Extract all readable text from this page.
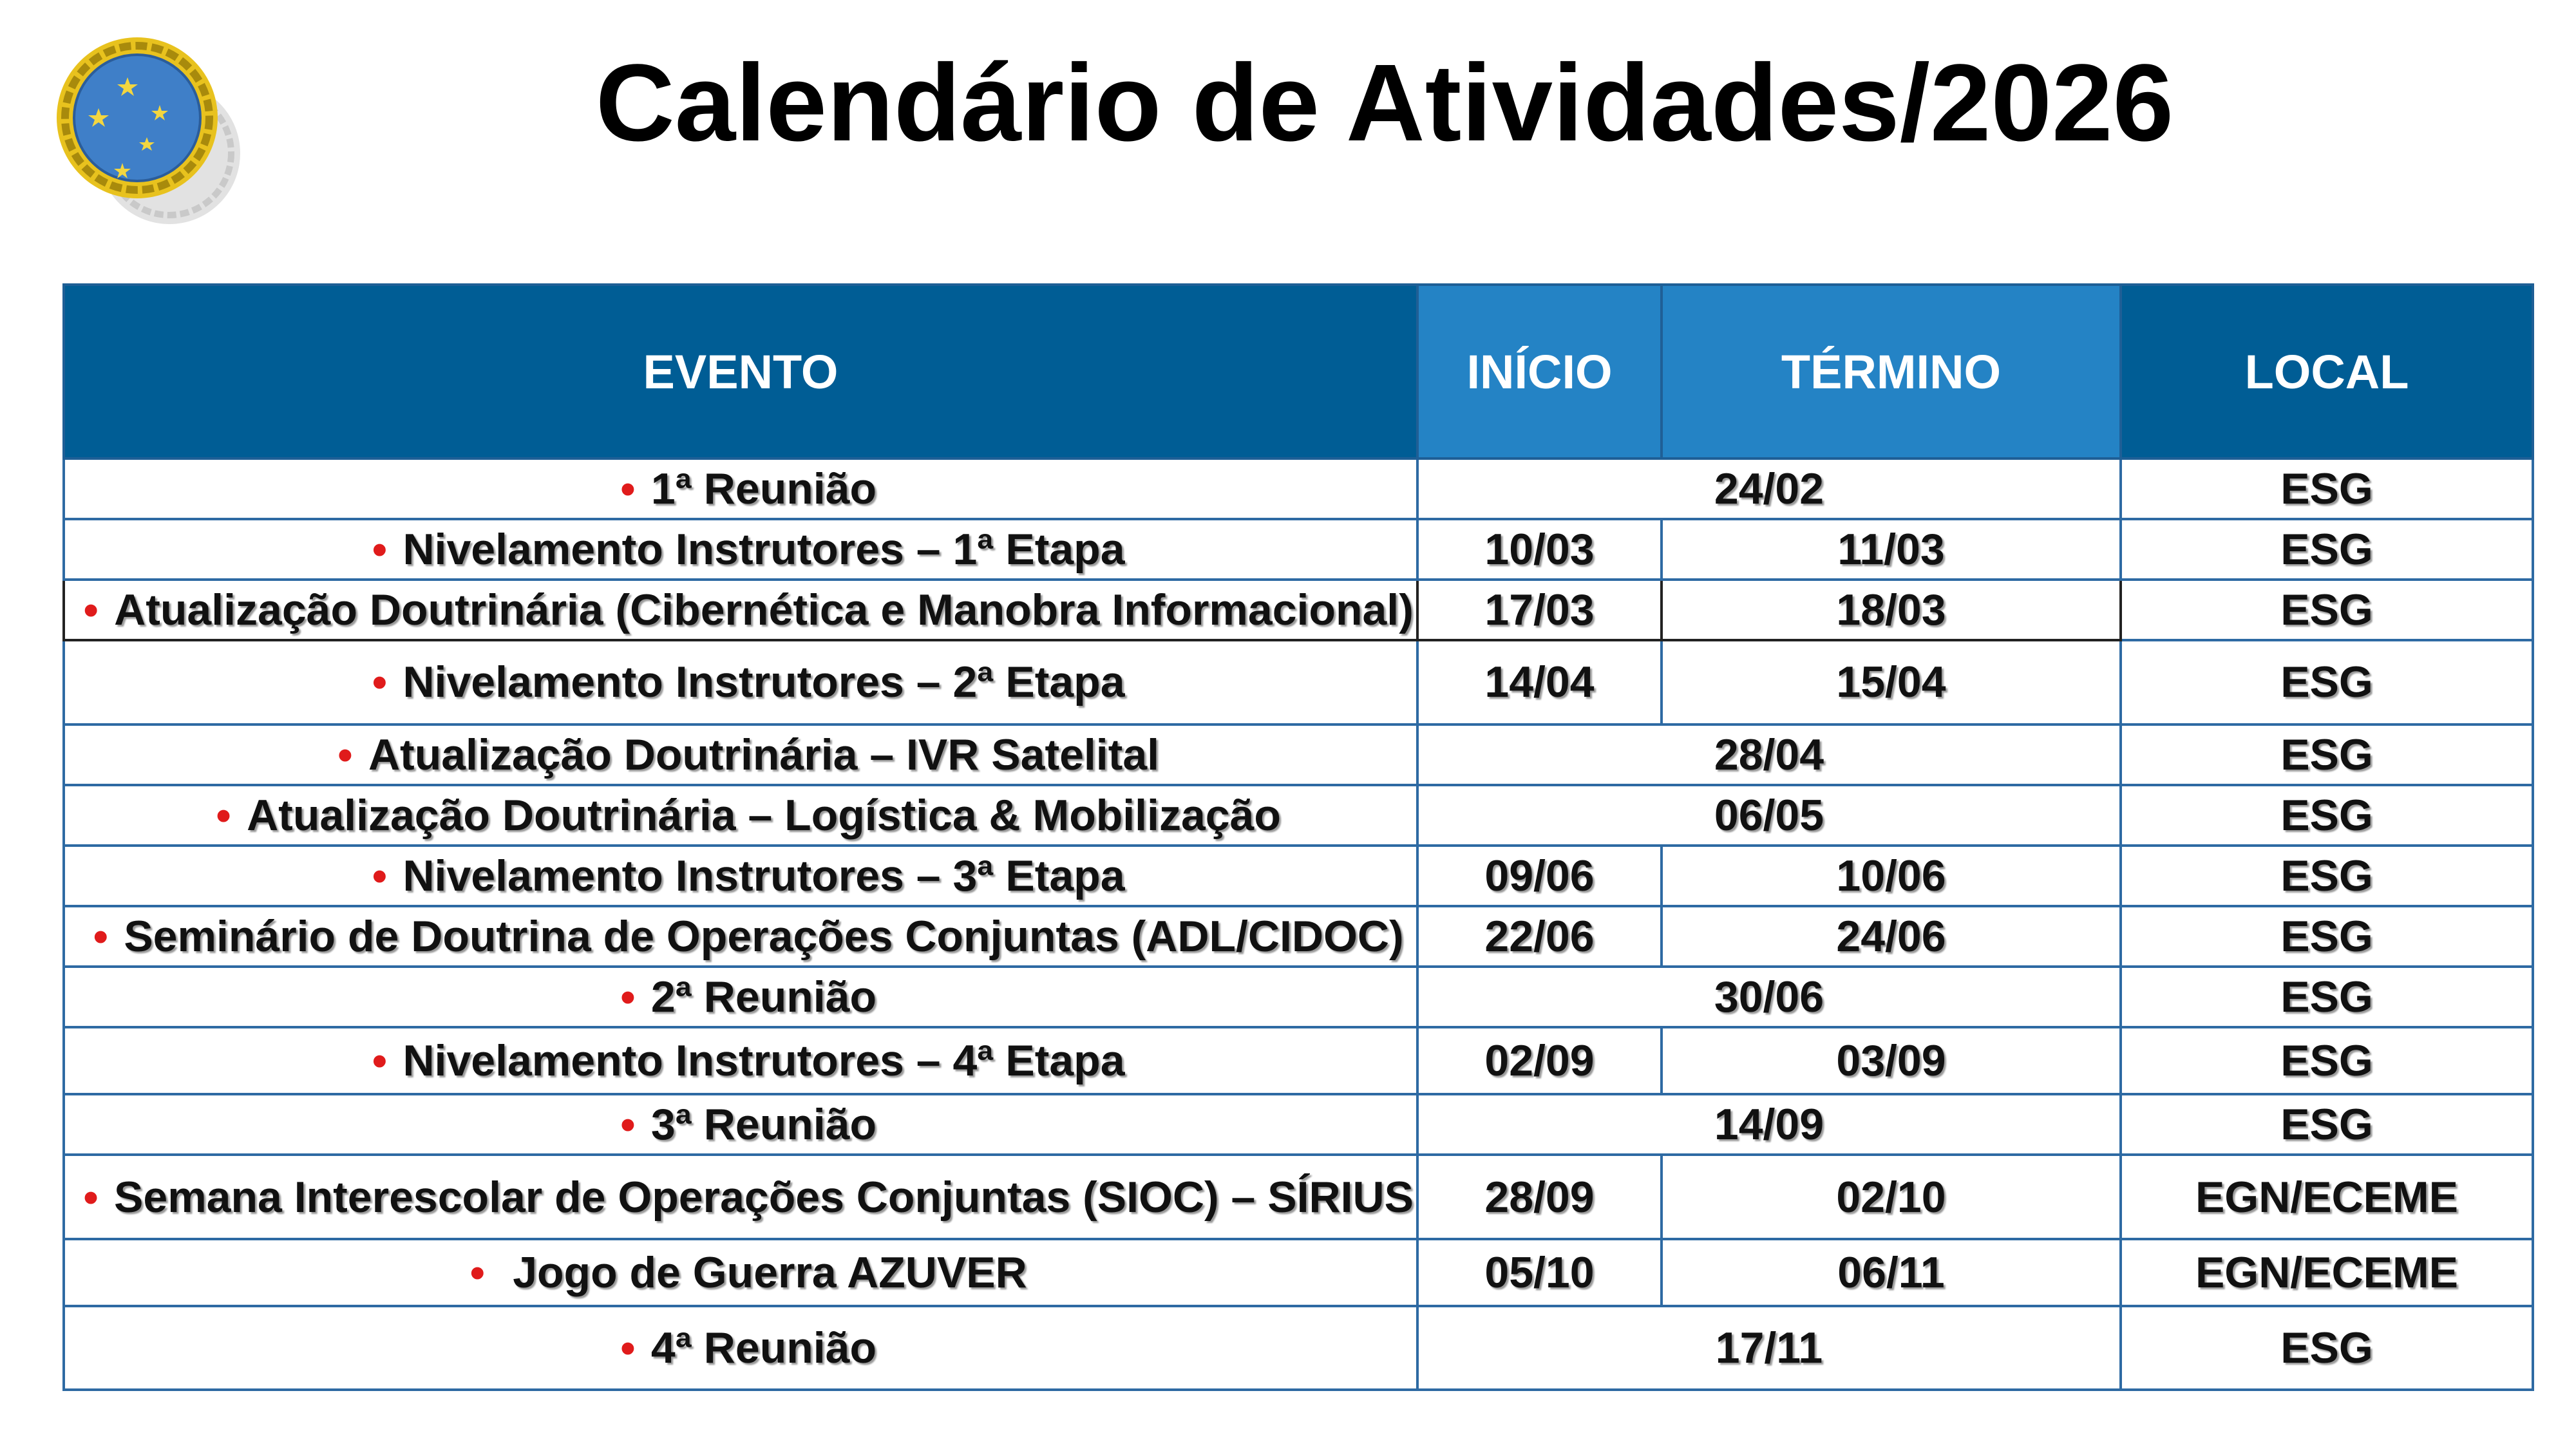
Calendário de Atividades/2026
EVENTO	INÍCIO	TÉRMINO	LOCAL
• 1ª Reunião	24/02		ESG
• Nivelamento Instrutores – 1ª Etapa	10/03	11/03	ESG
• Atualização Doutrinária (Cibernética e Manobra Informacional)	17/03	18/03	ESG
• Nivelamento Instrutores – 2ª Etapa	14/04	15/04	ESG
• Atualização Doutrinária – IVR Satelital	28/04		ESG
• Atualização Doutrinária – Logística & Mobilização	06/05		ESG
• Nivelamento Instrutores – 3ª Etapa	09/06	10/06	ESG
• Seminário de Doutrina de Operações Conjuntas (ADL/CIDOC)	22/06	24/06	ESG
• 2ª Reunião	30/06		ESG
• Nivelamento Instrutores – 4ª Etapa	02/09	03/09	ESG
• 3ª Reunião	14/09		ESG
• Semana Interescolar de Operações Conjuntas (SIOC) – SÍRIUS	28/09	02/10	EGN/ECEME
• Jogo de Guerra AZUVER	05/10	06/11	EGN/ECEME
• 4ª Reunião	17/11		ESG
